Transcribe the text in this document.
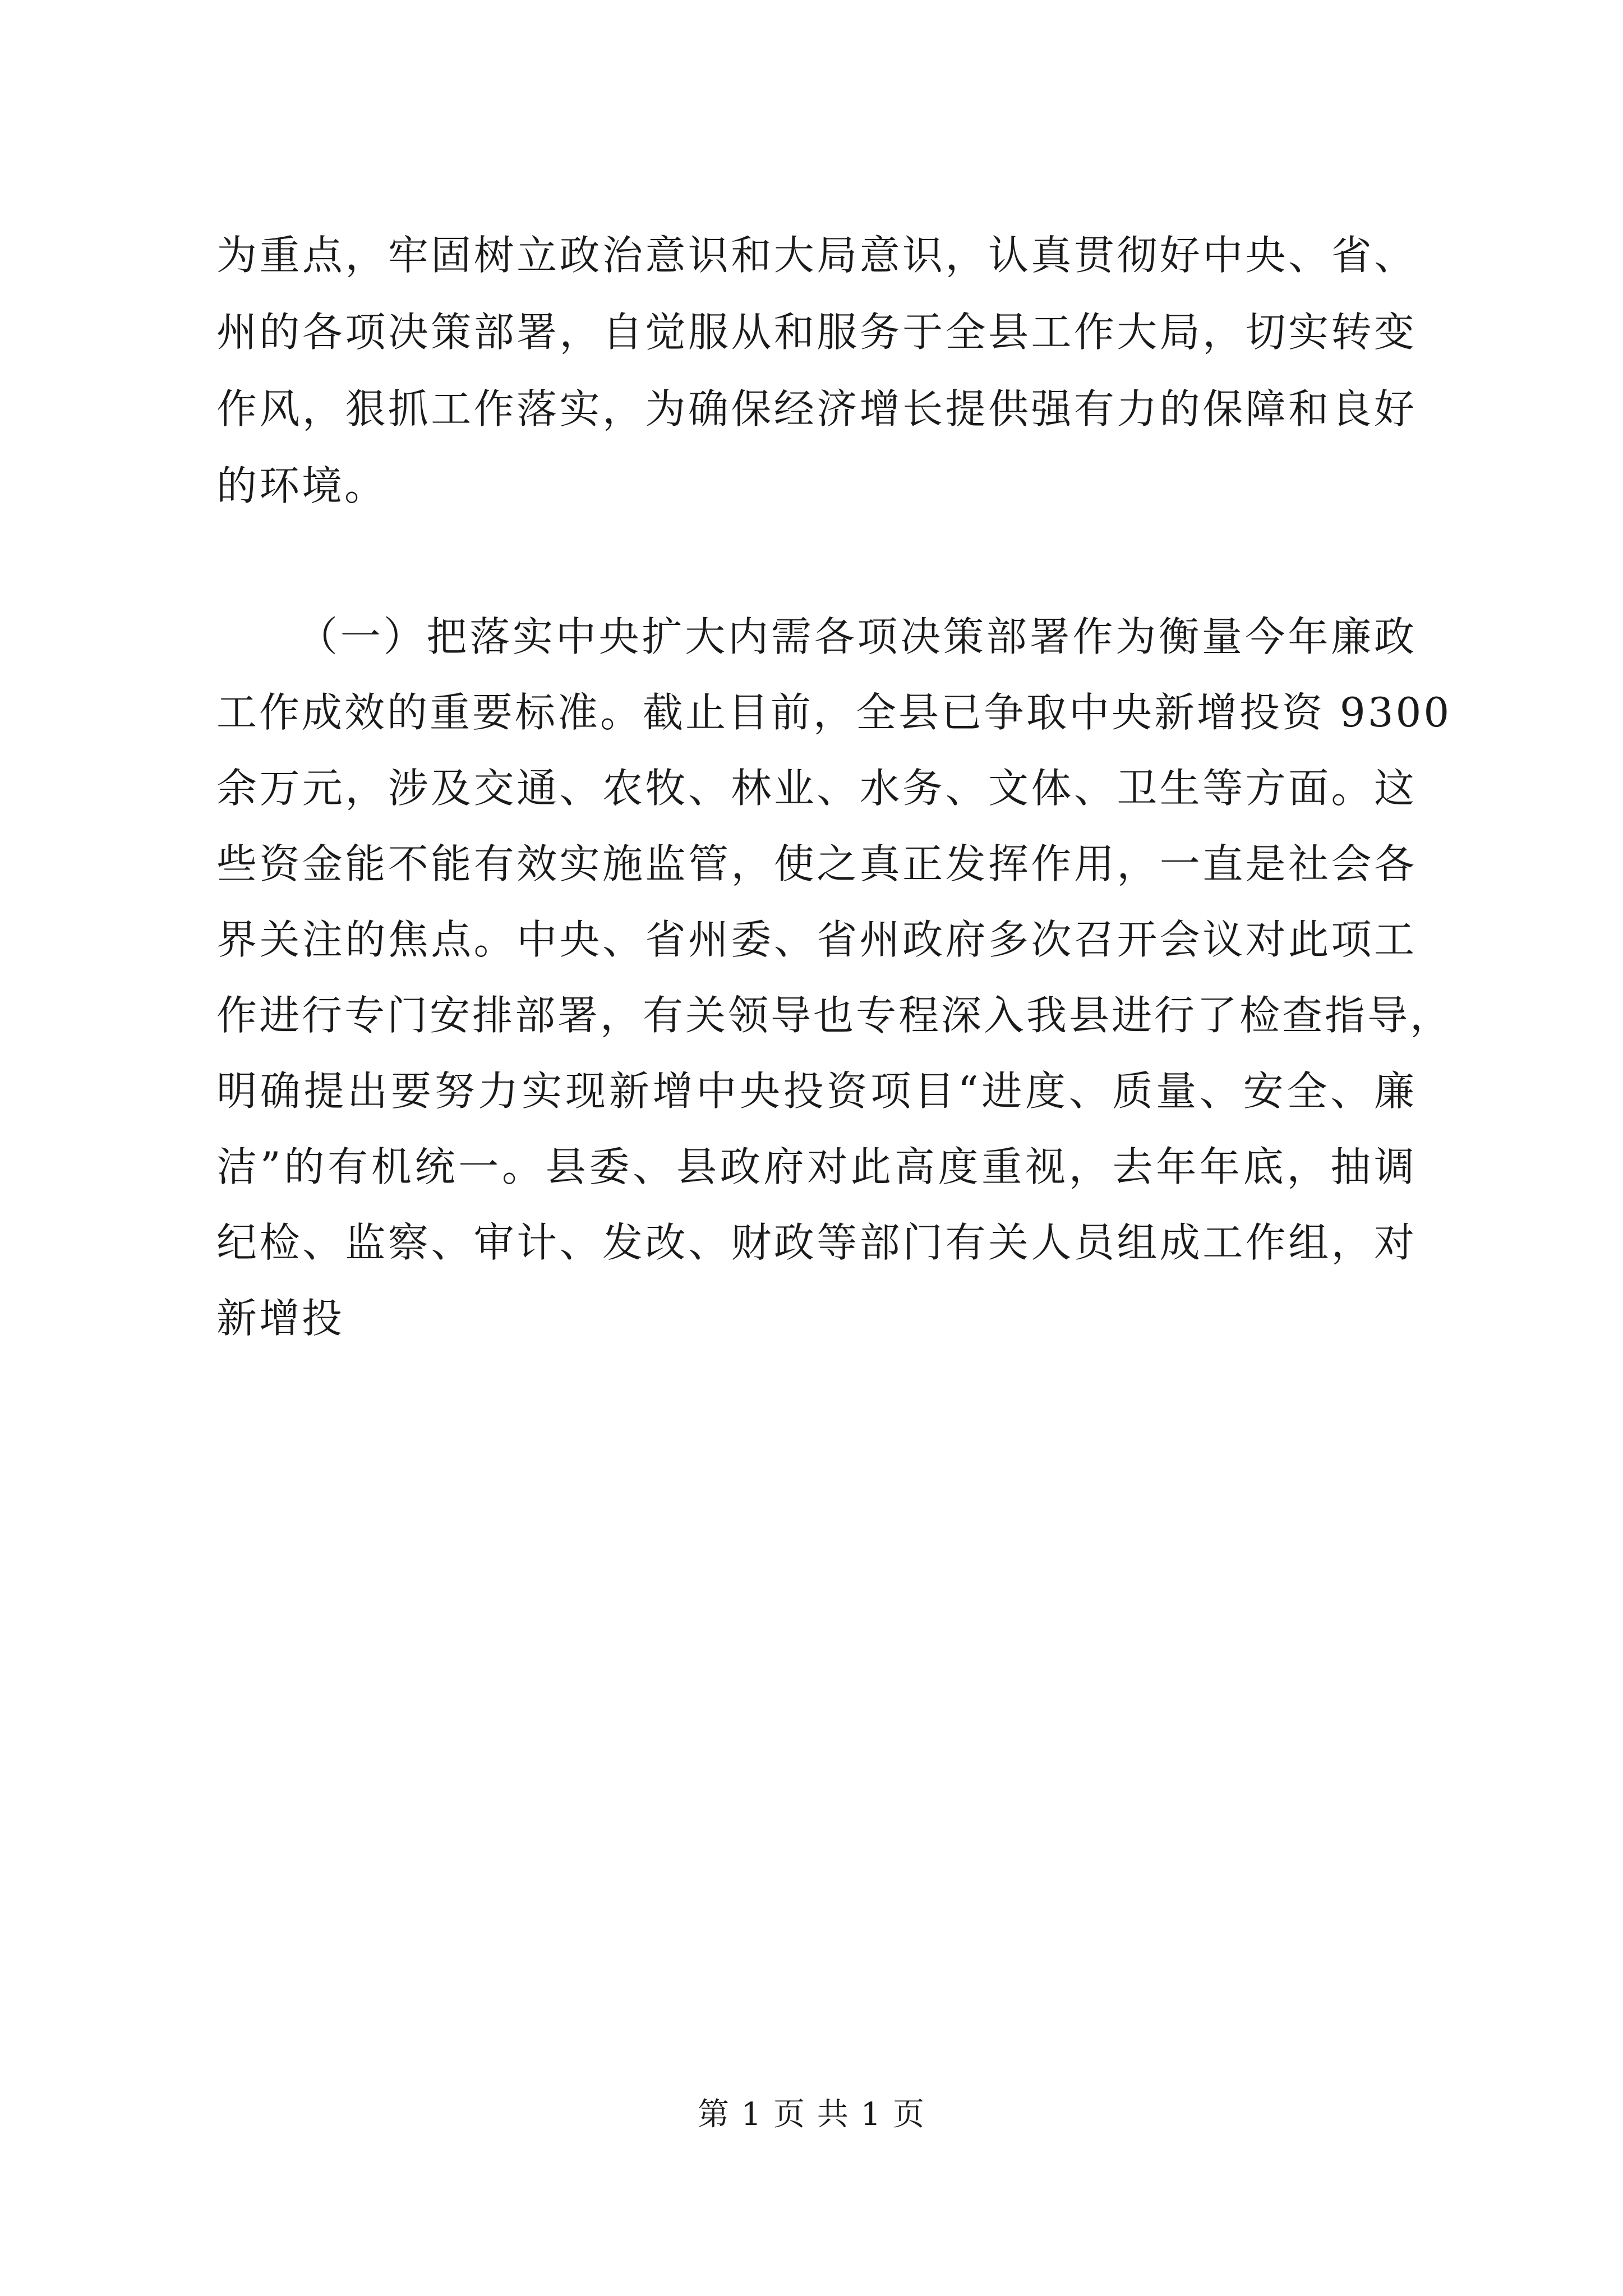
为重点，牢固树立政治意识和大局意识，认真贯彻好中央、省、
州的各项决策部署，自觉服从和服务于全县工作大局，切实转变
作风，狠抓工作落实，为确保经济增长提供强有力的保障和良好
的环境。
（一）把落实中央扩大内需各项决策部署作为衡量今年廉政
工作成效的重要标准。截止目前，全县已争取中央新增投资 9300
余万元，涉及交通、农牧、林业、水务、文体、卫生等方面。这
些资金能不能有效实施监管，使之真正发挥作用，一直是社会各
界关注的焦点。中央、省州委、省州政府多次召开会议对此项工
作进行专门安排部署，有关领导也专程深入我县进行了检查指导，
明确提出要努力实现新增中央投资项目“进度、质量、安全、廉
洁”的有机统一。县委、县政府对此高度重视，去年年底，抽调
纪检、监察、审计、发改、财政等部门有关人员组成工作组，对
新增投
第 1 页 共 1 页
